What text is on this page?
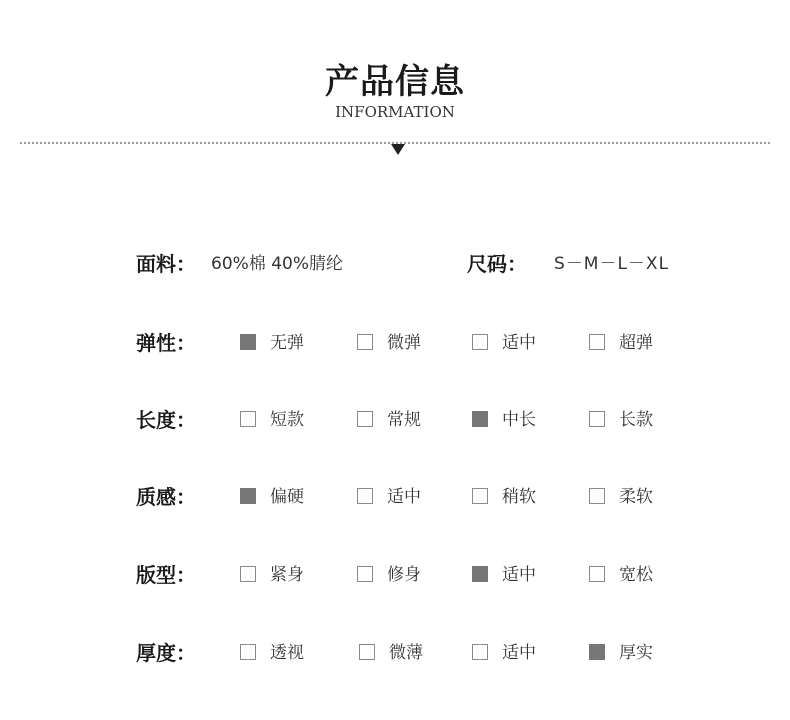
产品信息
INFORMATION
面料： 60%棉 40%腈纶	尺码： S－M－L－XL
弹性：	无弹	微弹	适中	超弹
长度：	短款	常规	中长	长款
质感：	偏硬	适中	稍软	柔软
版型：	紧身	修身	适中	宽松
厚度：	透视	微薄	适中	厚实
